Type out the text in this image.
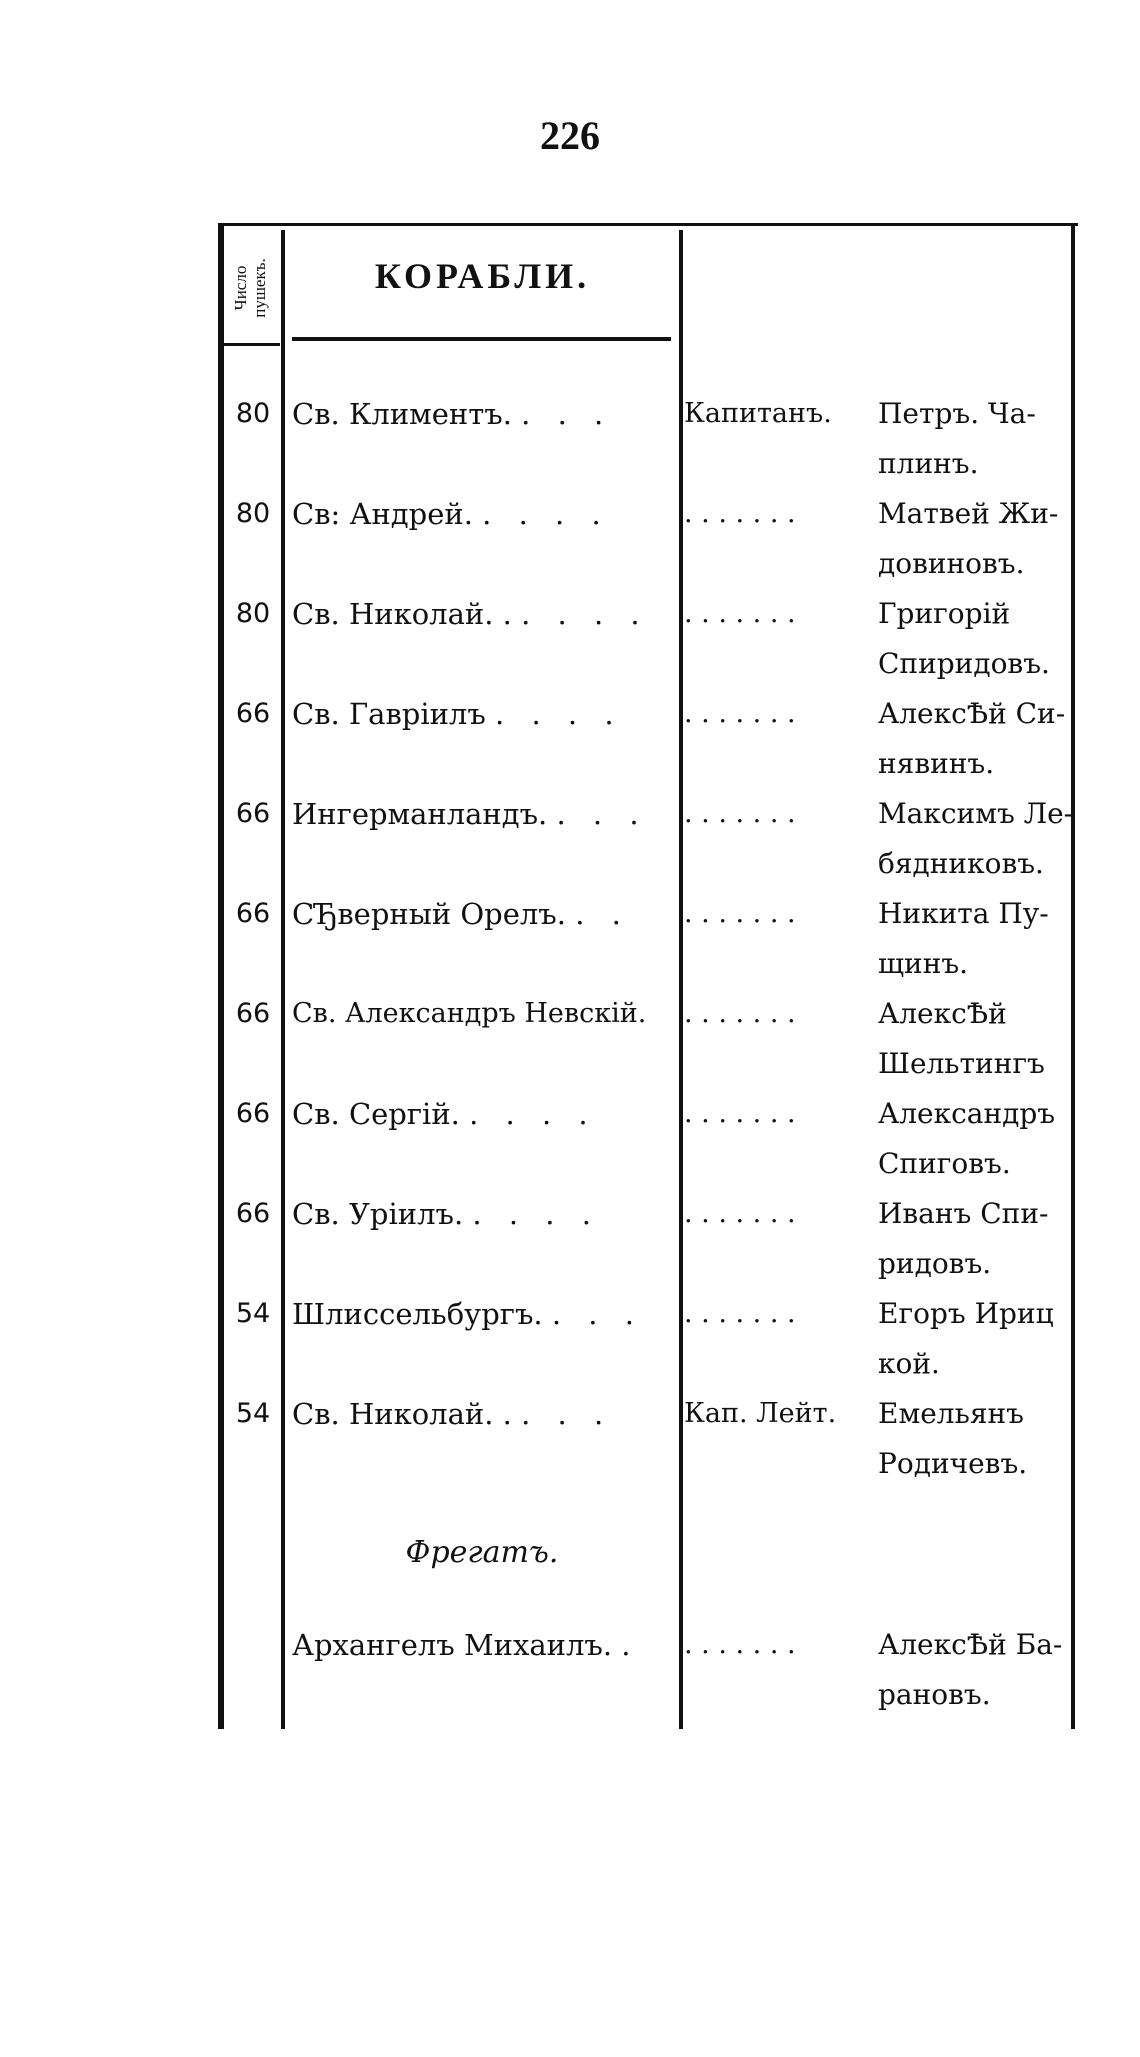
226
Число пушекъ.	КОРАБЛИ.
80 Св. Климентъ. . . .	Капитанъ.	Петръ. Ча-
плинъ.
80 Св: Андрей. . . . .	. . . . . . .	Матвей Жи-
довиновъ.
80 Св. Николай. . . . . .	. . . . . . .	Григорій
Спиридовъ.
66 Св. Гавріилъ . . . .	. . . . . . .	АлексѢй Си-
нявинъ.
66 Ингерманландъ. . . .	. . . . . . .	Максимъ Ле-
бядниковъ.
66 СЂверный Орелъ. . .	. . . . . . .	Никита Пу-
щинъ.
66 Св. Александръ Невскій.	. . . . . . .	АлексѢй
Шельтингъ
66 Св. Сергій. . . . .	. . . . . . .	Александръ
Спиговъ.
66 Св. Уріилъ. . . . .	. . . . . . .	Иванъ Спи-
ридовъ.
54 Шлиссельбургъ. . . .	. . . . . . .	Егоръ Ириц
кой.
54 Св. Николай. . . . .	Кап. Лейт.	Емельянъ
Родичевъ.
Фрегатъ.
Архангелъ Михаилъ. .	. . . . . . .	АлексѢй Ба-
рановъ.
